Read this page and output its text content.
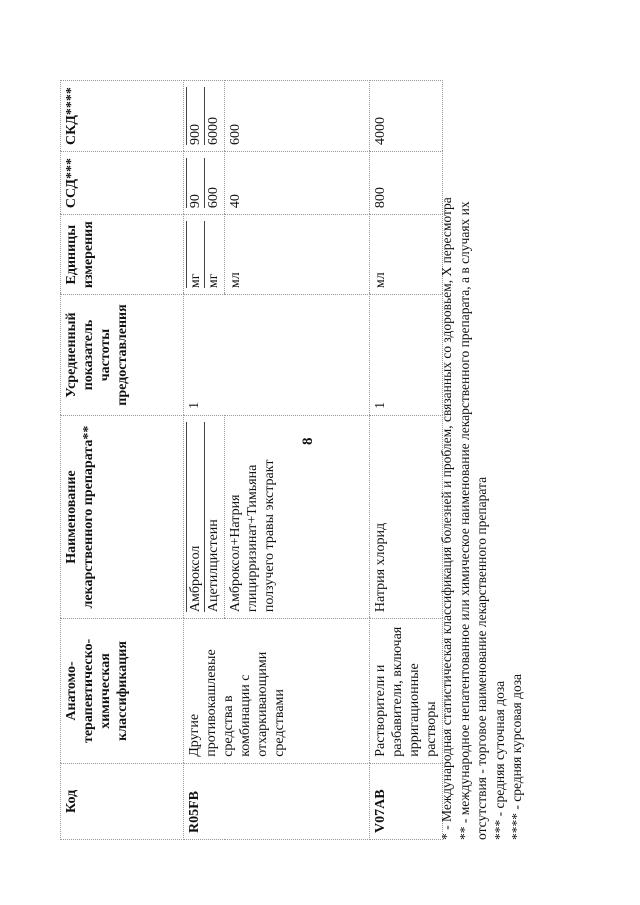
8
Код	Анатомо-терапевтическо-химическая классификация	Наименование лекарственного препарата**	Усредненный показатель частоты предоставления	Единицы измерения	ССД***	СКД****
R05FB	Другие противокашлевые средства в комбинации с отхаркивающими средствами	Амброксол Ацетилцистеин	1	мг мг	90 600	900 6000

		Амброксол+Натрия глицирризинат+Тимьяна ползучего травы экстракт		мл	40	600
V07AB	Растворители и разбавители, включая ирригационные растворы	Натрия хлорид	1	мл	800	4000
* - Международная статистическая классификация болезней и проблем, связанных со здоровьем, X пересмотра ** - международное непатентованное или химическое наименование лекарственного препарата, а в случаях их отсутствия - торговое наименование лекарственного препарата *** - средняя суточная доза **** - средняя курсовая доза
